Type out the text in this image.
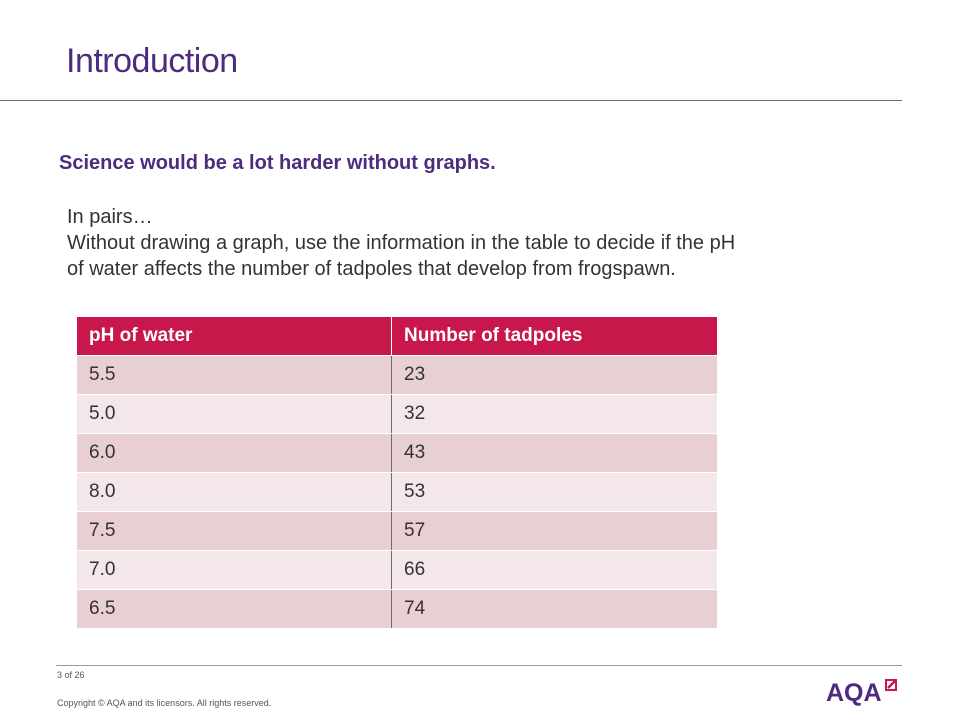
Introduction

Science would be a lot harder without graphs.

In pairs…
Without drawing a graph, use the information in the table to decide if the pH
of water affects the number of tadpoles that develop from frogspawn.
pH of water	Number of tadpoles
5.5	23
5.0	32
6.0	43
8.0	53
7.5	57
7.0	66
6.5	74
3 of 26
Copyright © AQA and its licensors. All rights reserved.	AQA
